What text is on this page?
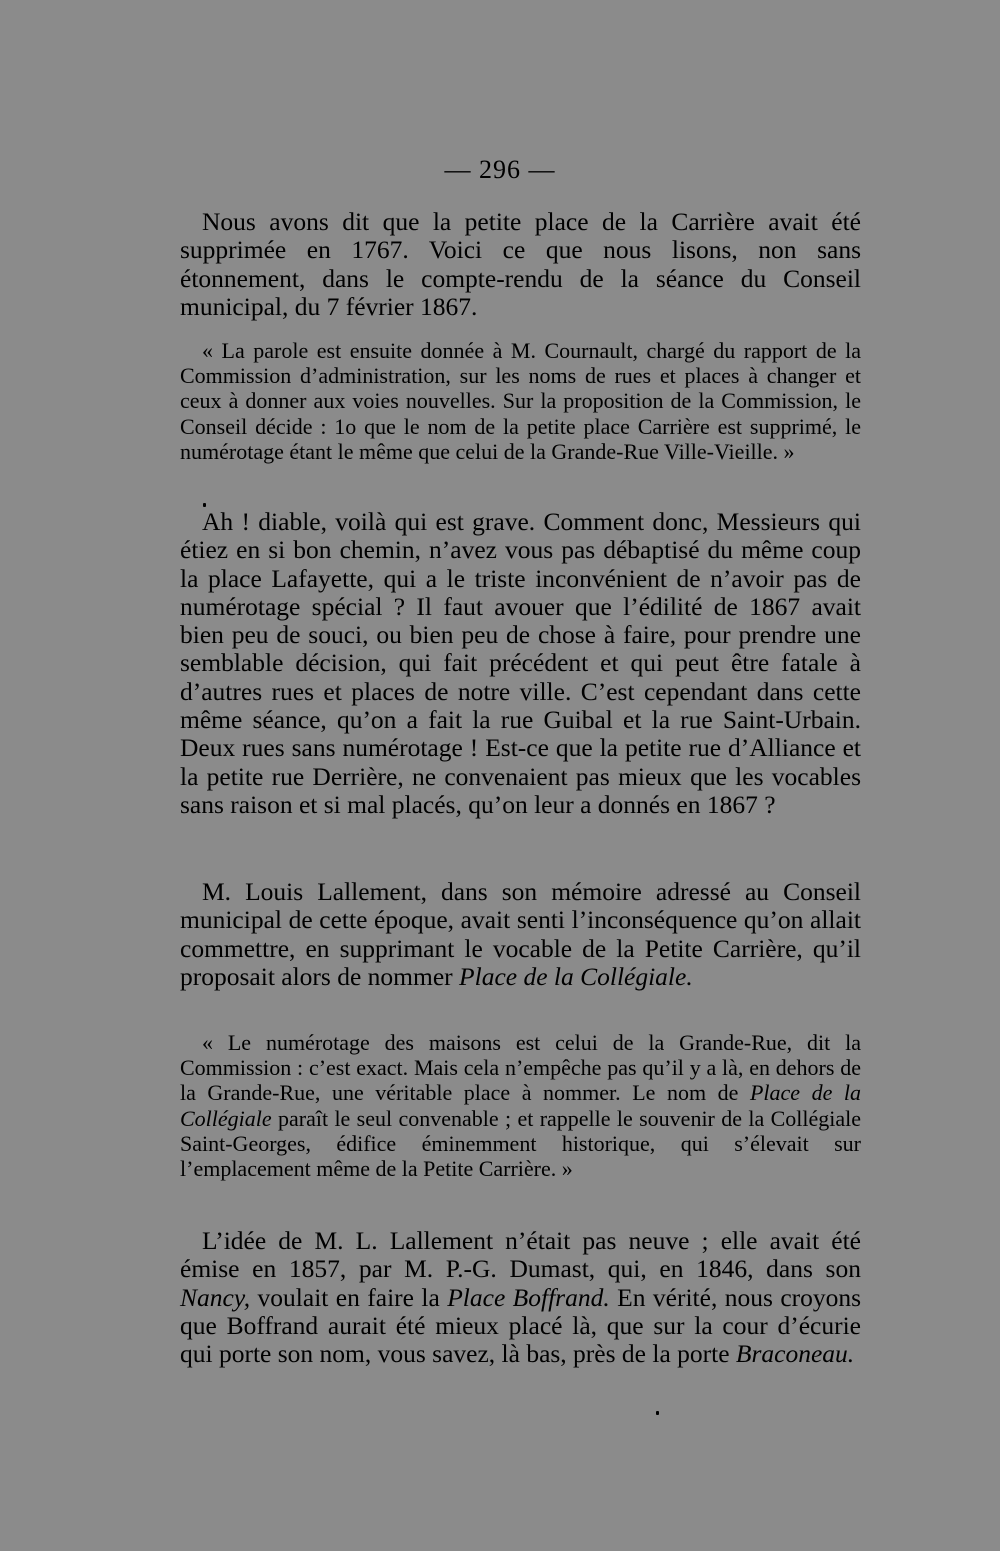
— 296 —

Nous avons dit que la petite place de la Carrière avait été supprimée en 1767. Voici ce que nous lisons, non sans étonnement, dans le compte-rendu de la séance du Conseil municipal, du 7 février 1867.

« La parole est ensuite donnée à M. Cournault, chargé du rapport de la Commission d’administration, sur les noms de rues et places à changer et ceux à donner aux voies nouvelles. Sur la proposition de la Commission, le Conseil décide : 1o que le nom de la petite place Carrière est supprimé, le numérotage étant le même que celui de la Grande-Rue Ville-Vieille. »

Ah ! diable, voilà qui est grave. Comment donc, Messieurs qui étiez en si bon chemin, n’avez vous pas débaptisé du même coup la place Lafayette, qui a le triste inconvénient de n’avoir pas de numérotage spécial ? Il faut avouer que l’édilité de 1867 avait bien peu de souci, ou bien peu de chose à faire, pour prendre une semblable décision, qui fait précédent et qui peut être fatale à d’autres rues et places de notre ville. C’est cependant dans cette même séance, qu’on a fait la rue Guibal et la rue Saint-Urbain. Deux rues sans numérotage ! Est-ce que la petite rue d’Alliance et la petite rue Derrière, ne convenaient pas mieux que les vocables sans raison et si mal placés, qu’on leur a donnés en 1867 ?

M. Louis Lallement, dans son mémoire adressé au Conseil municipal de cette époque, avait senti l’inconséquence qu’on allait commettre, en supprimant le vocable de la Petite Carrière, qu’il proposait alors de nommer Place de la Collégiale.

« Le numérotage des maisons est celui de la Grande-Rue, dit la Commission : c’est exact. Mais cela n’empêche pas qu’il y a là, en dehors de la Grande-Rue, une véritable place à nommer. Le nom de Place de la Collégiale paraît le seul convenable ; et rappelle le souvenir de la Collégiale Saint-Georges, édifice éminemment historique, qui s’élevait sur l’emplacement même de la Petite Carrière. »

L’idée de M. L. Lallement n’était pas neuve ; elle avait été émise en 1857, par M. P.-G. Dumast, qui, en 1846, dans son Nancy, voulait en faire la Place Boffrand. En vérité, nous croyons que Boffrand aurait été mieux placé là, que sur la cour d’écurie qui porte son nom, vous savez, là bas, près de la porte Braconeau.
